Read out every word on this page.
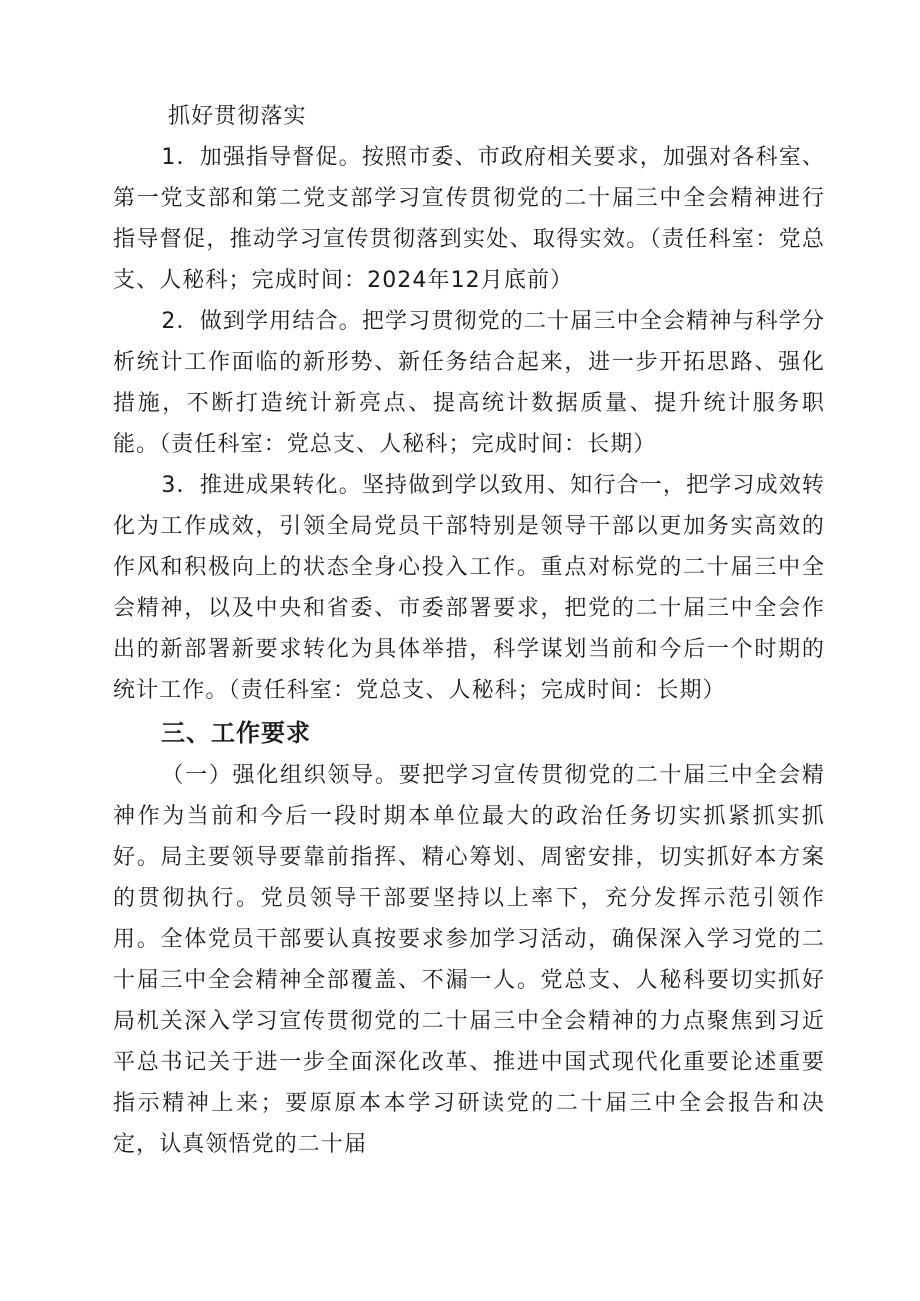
抓好贯彻落实

1．加强指导督促。按照市委、市政府相关要求，加强对各科室、第一党支部和第二党支部学习宣传贯彻党的二十届三中全会精神进行指导督促，推动学习宣传贯彻落到实处、取得实效。（责任科室：党总支、人秘科；完成时间：2024年12月底前）

2．做到学用结合。把学习贯彻党的二十届三中全会精神与科学分析统计工作面临的新形势、新任务结合起来，进一步开拓思路、强化措施，不断打造统计新亮点、提高统计数据质量、提升统计服务职能。（责任科室：党总支、人秘科；完成时间：长期）

3．推进成果转化。坚持做到学以致用、知行合一，把学习成效转化为工作成效，引领全局党员干部特别是领导干部以更加务实高效的作风和积极向上的状态全身心投入工作。重点对标党的二十届三中全会精神，以及中央和省委、市委部署要求，把党的二十届三中全会作出的新部署新要求转化为具体举措，科学谋划当前和今后一个时期的统计工作。（责任科室：党总支、人秘科；完成时间：长期）

三、工作要求

（一）强化组织领导。要把学习宣传贯彻党的二十届三中全会精神作为当前和今后一段时期本单位最大的政治任务切实抓紧抓实抓好。局主要领导要靠前指挥、精心筹划、周密安排，切实抓好本方案的贯彻执行。党员领导干部要坚持以上率下，充分发挥示范引领作用。全体党员干部要认真按要求参加学习活动，确保深入学习党的二十届三中全会精神全部覆盖、不漏一人。党总支、人秘科要切实抓好局机关深入学习宣传贯彻党的二十届三中全会精神的力点聚焦到习近平总书记关于进一步全面深化改革、推进中国式现代化重要论述重要指示精神上来；要原原本本学习研读党的二十届三中全会报告和决定，认真领悟党的二十届
